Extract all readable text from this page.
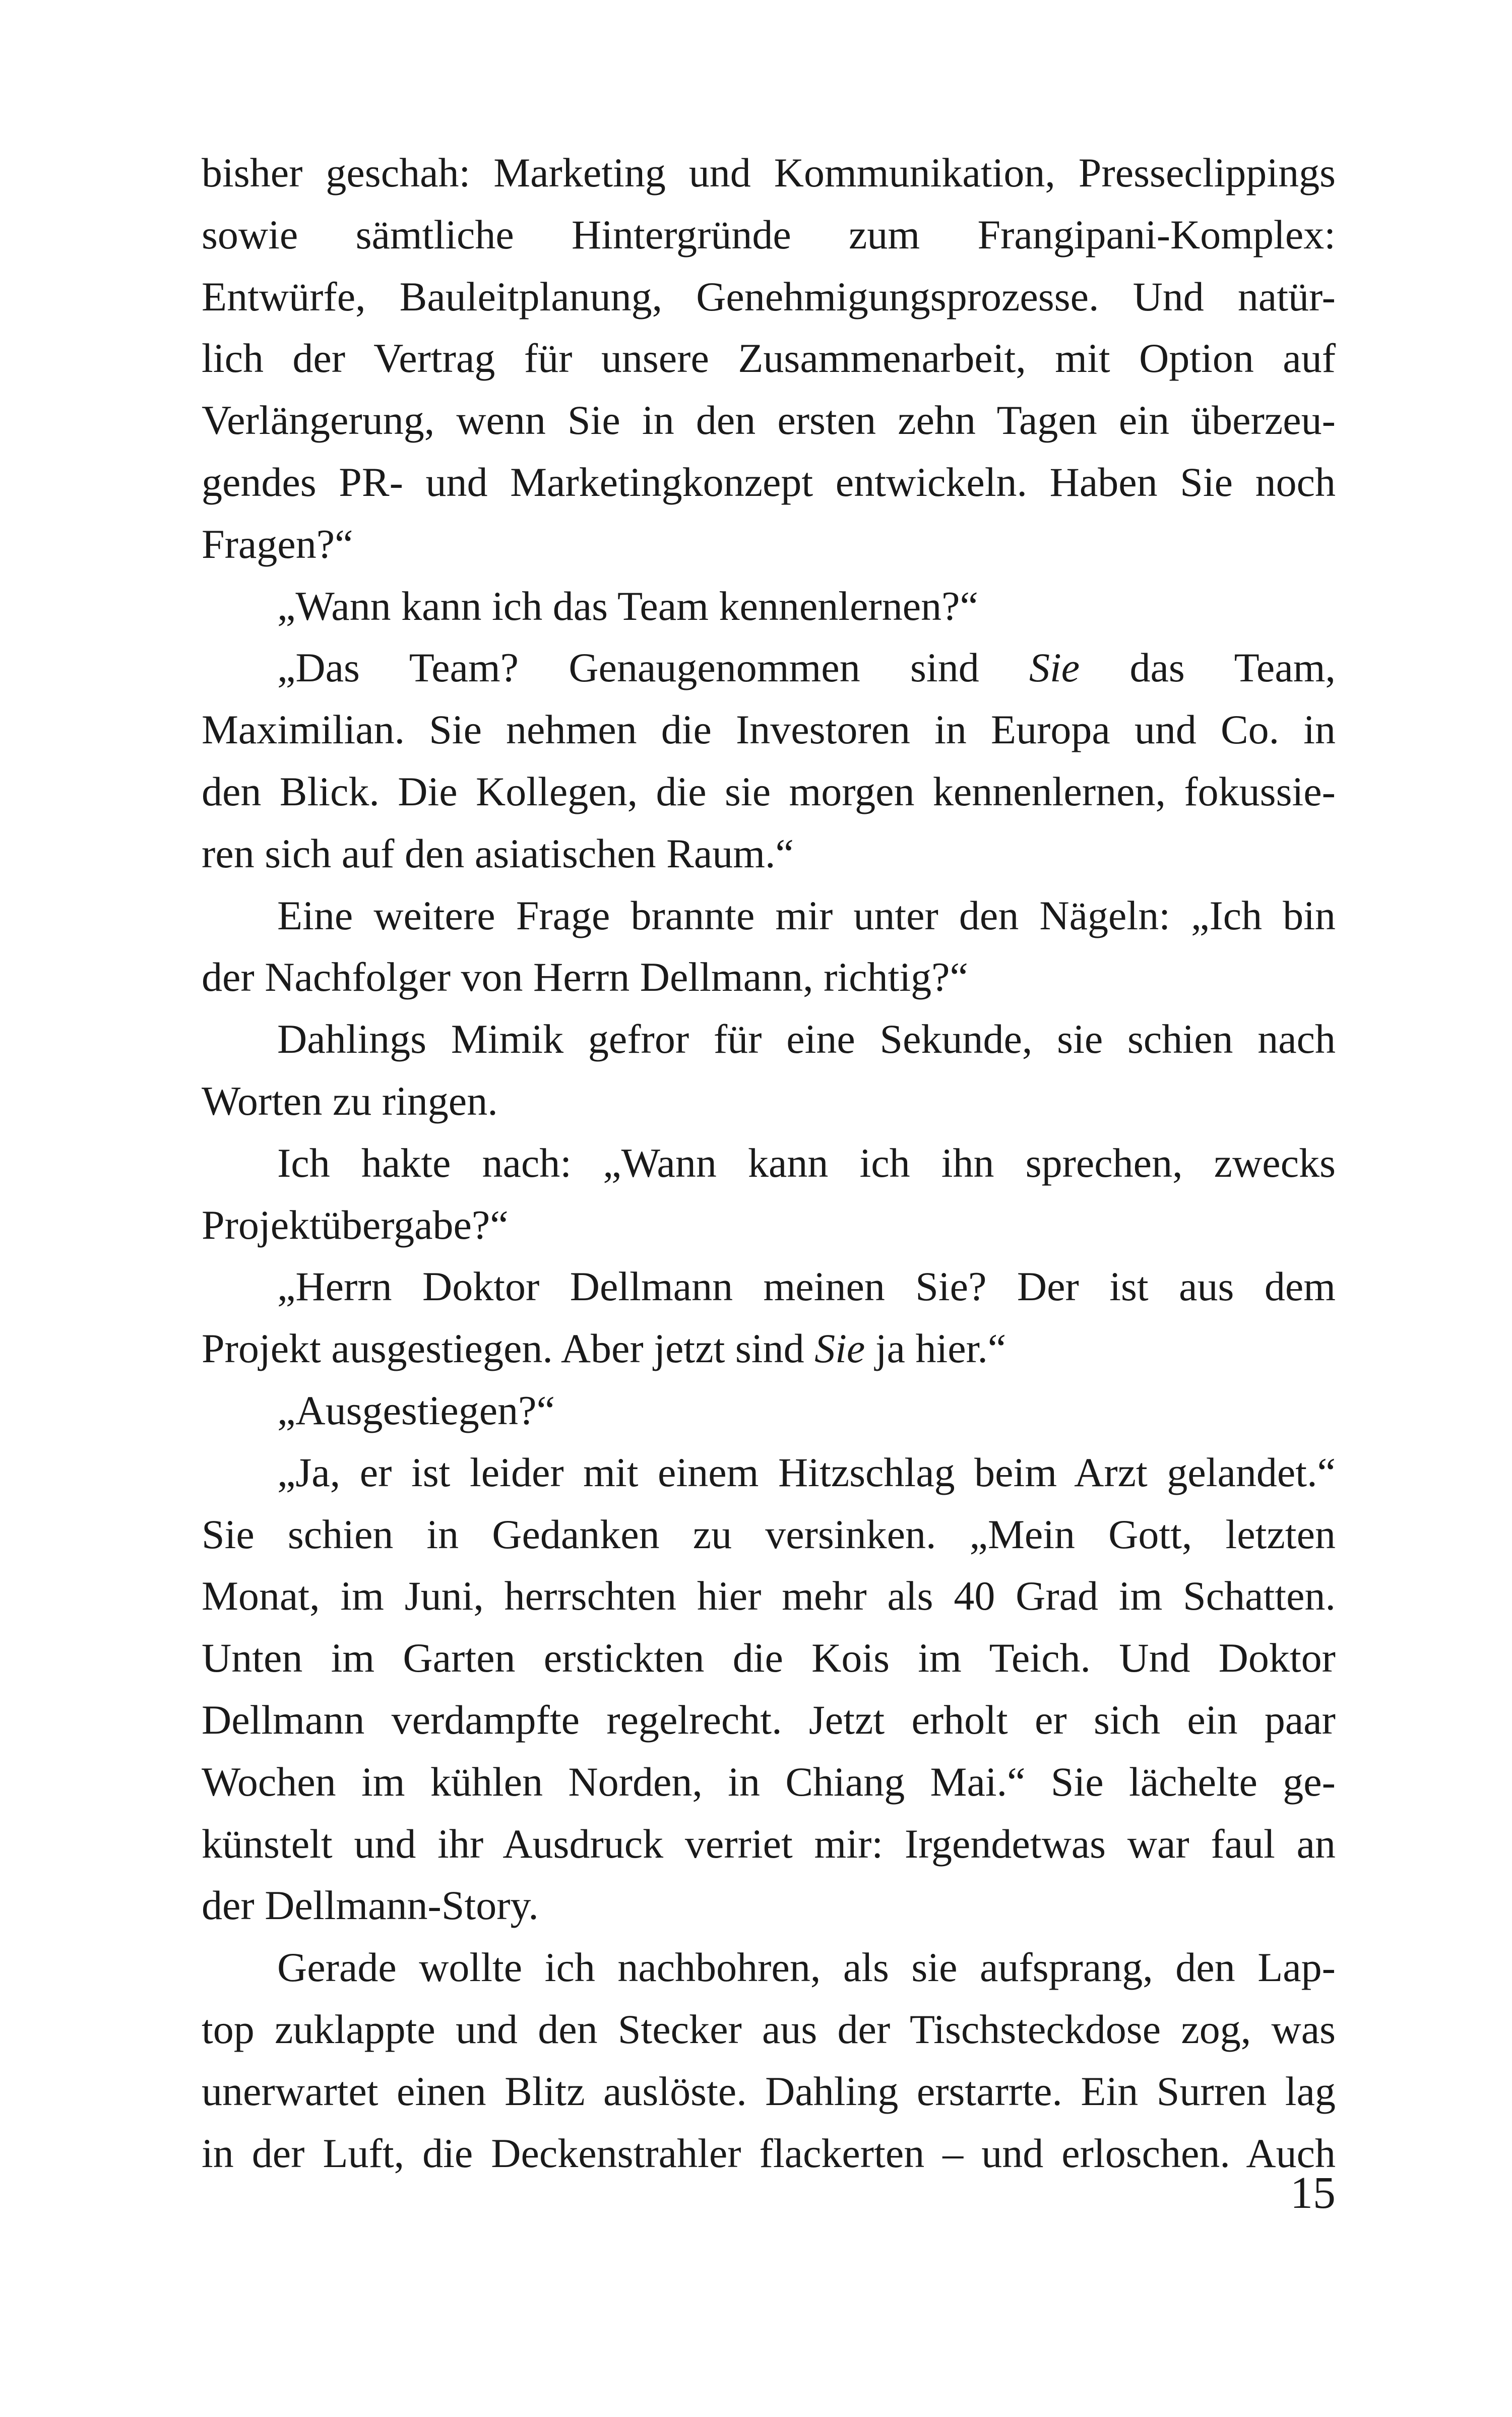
bisher geschah: Marketing und Kommunikation, Presseclippings
sowie sämtliche Hintergründe zum Frangipani-Komplex:
Entwürfe, Bauleitplanung, Genehmigungsprozesse. Und natür-
lich der Vertrag für unsere Zusammenarbeit, mit Option auf
Verlängerung, wenn Sie in den ersten zehn Tagen ein überzeu-
gendes PR- und Marketingkonzept entwickeln. Haben Sie noch
Fragen?“
„Wann kann ich das Team kennenlernen?“
„Das Team? Genaugenommen sind Sie das Team,
Maximilian. Sie nehmen die Investoren in Europa und Co. in
den Blick. Die Kollegen, die sie morgen kennenlernen, fokussie-
ren sich auf den asiatischen Raum.“
Eine weitere Frage brannte mir unter den Nägeln: „Ich bin
der Nachfolger von Herrn Dellmann, richtig?“
Dahlings Mimik gefror für eine Sekunde, sie schien nach
Worten zu ringen.
Ich hakte nach: „Wann kann ich ihn sprechen, zwecks
Projektübergabe?“
„Herrn Doktor Dellmann meinen Sie? Der ist aus dem
Projekt ausgestiegen. Aber jetzt sind Sie ja hier.“
„Ausgestiegen?“
„Ja, er ist leider mit einem Hitzschlag beim Arzt gelandet.“
Sie schien in Gedanken zu versinken. „Mein Gott, letzten
Monat, im Juni, herrschten hier mehr als 40 Grad im Schatten.
Unten im Garten erstickten die Kois im Teich. Und Doktor
Dellmann verdampfte regelrecht. Jetzt erholt er sich ein paar
Wochen im kühlen Norden, in Chiang Mai.“ Sie lächelte ge-
künstelt und ihr Ausdruck verriet mir: Irgendetwas war faul an
der Dellmann-Story.
Gerade wollte ich nachbohren, als sie aufsprang, den Lap-
top zuklappte und den Stecker aus der Tischsteckdose zog, was
unerwartet einen Blitz auslöste. Dahling erstarrte. Ein Surren lag
in der Luft, die Deckenstrahler flackerten – und erloschen. Auch
15
